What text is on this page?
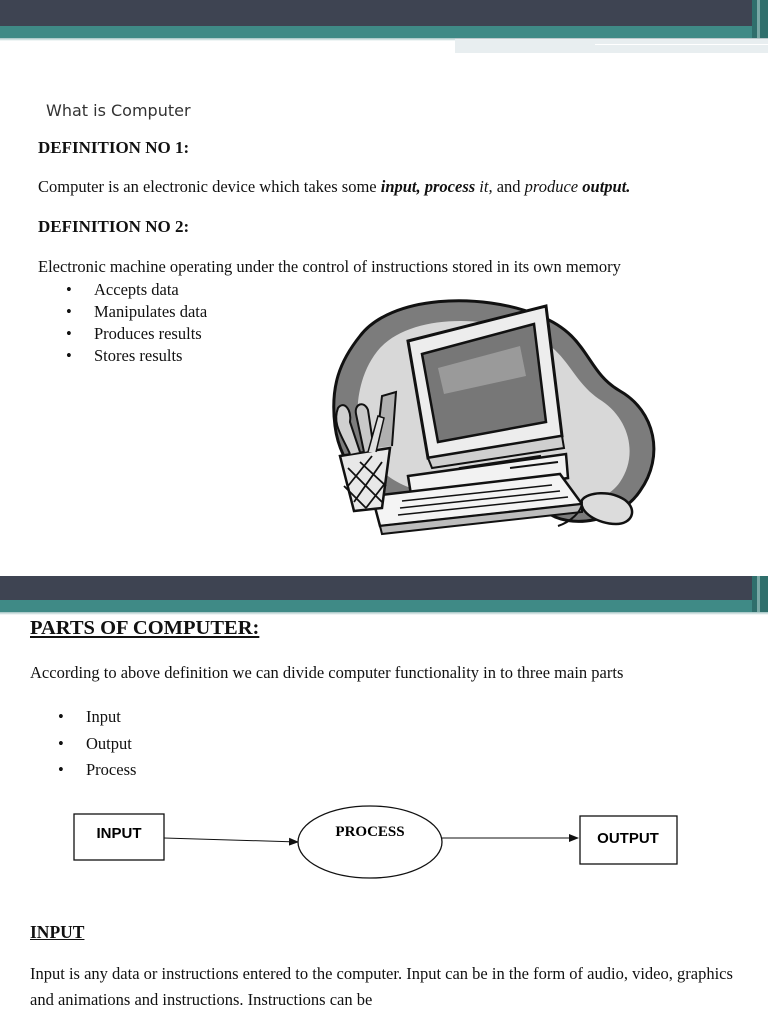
What is Computer
DEFINITION NO 1:
Computer is an electronic device which takes some input, process it, and produce output.
DEFINITION NO 2:
Electronic machine operating under the control of instructions stored in its own memory
• Accepts data
• Manipulates data
• Produces results
• Stores results
PARTS OF COMPUTER:
According to above definition we can divide computer functionality in to three main parts
• Input
• Output
• Process
INPUT	PROCESS	OUTPUT
INPUT
Input is any data or instructions entered to the computer. Input can be in the form of audio, video, graphics and animations and instructions. Instructions can be
